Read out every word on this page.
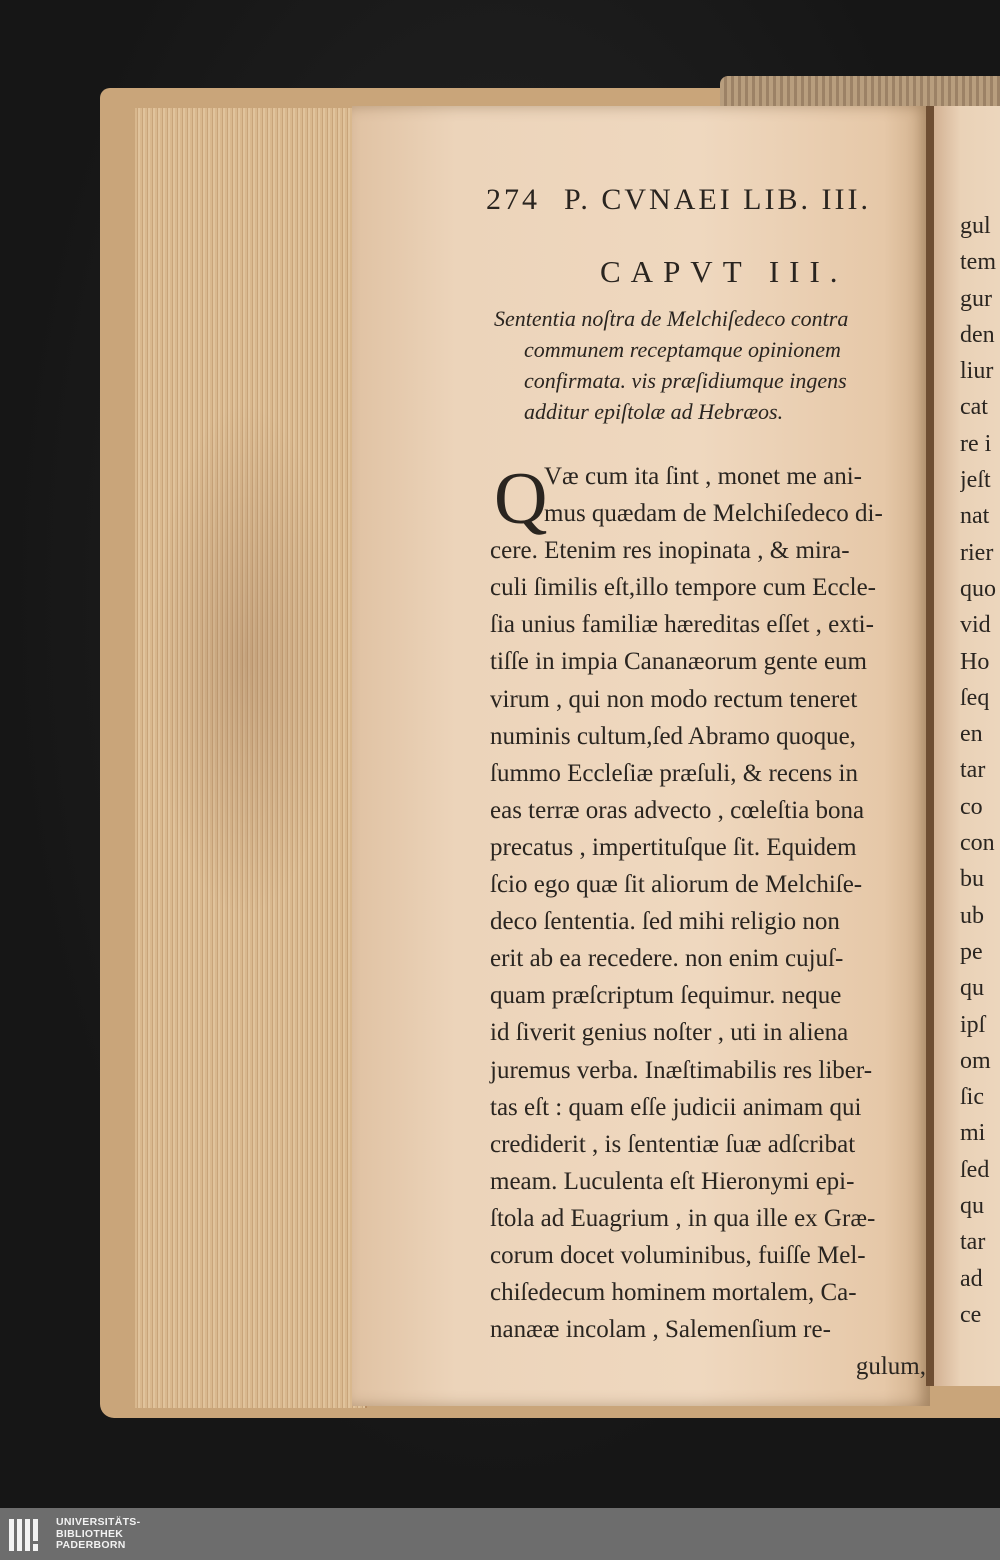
274 P. CVNAEI LIB. III.
CAPVT III.
Sententia noſtra de Melchiſedeco contra
communem receptamque opinionem
confirmata. vis præſidiumque ingens
additur epiſtolæ ad Hebræos.
Q
Væ cum ita ſint , monet me ani-
mus quædam de Melchiſedeco di-
cere. Etenim res inopinata , & mira-
culi ſimilis eſt,illo tempore cum Eccle-
ſia unius familiæ hæreditas eſſet , exti-
tiſſe in impia Cananæorum gente eum
virum , qui non modo rectum teneret
numinis cultum,ſed Abramo quoque,
ſummo Eccleſiæ præſuli, & recens in
eas terræ oras advecto , cœleſtia bona
precatus , impertituſque ſit. Equidem
ſcio ego quæ ſit aliorum de Melchiſe-
deco ſententia. ſed mihi religio non
erit ab ea recedere. non enim cujuſ-
quam præſcriptum ſequimur. neque
id ſiverit genius noſter , uti in aliena
juremus verba. Inæſtimabilis res liber-
tas eſt : quam eſſe judicii animam qui
crediderit , is ſententiæ ſuæ adſcribat
meam. Luculenta eſt Hieronymi epi-
ſtola ad Euagrium , in qua ille ex Græ-
corum docet voluminibus, fuiſſe Mel-
chiſedecum hominem mortalem, Ca-
nanææ incolam , Salemenſium re-
gulum,
gul
tem
gur
den
liur
cat
re i
jeſt
nat
rier
quo
vid
Ho
ſeq
en
tar
co
con
bu
ub
pe
qu
ipſ
om
ſic
mi
ſed
qu
tar
ad
ce
UNIVERSITÄTS-
BIBLIOTHEK
PADERBORN
